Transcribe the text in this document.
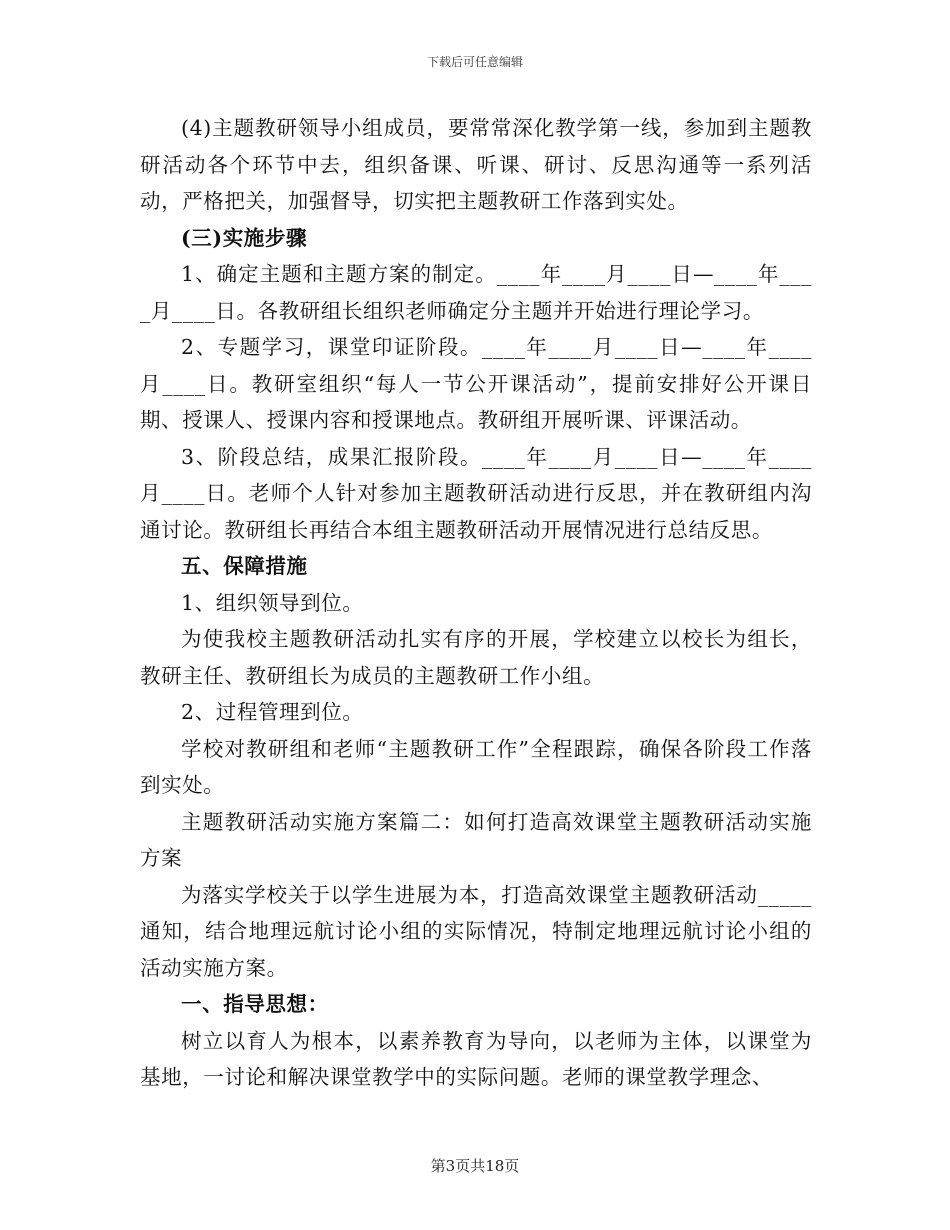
下载后可任意编辑

(4)主题教研领导小组成员，要常常深化教学第一线，参加到主题教研活动各个环节中去，组织备课、听课、研讨、反思沟通等一系列活动，严格把关，加强督导，切实把主题教研工作落到实处。

(三)实施步骤

1、确定主题和主题方案的制定。____年____月____日—____年____月____日。各教研组长组织老师确定分主题并开始进行理论学习。

2、专题学习，课堂印证阶段。____年____月____日—____年____月____日。教研室组织“每人一节公开课活动”，提前安排好公开课日期、授课人、授课内容和授课地点。教研组开展听课、评课活动。

3、阶段总结，成果汇报阶段。____年____月____日—____年____月____日。老师个人针对参加主题教研活动进行反思，并在教研组内沟通讨论。教研组长再结合本组主题教研活动开展情况进行总结反思。

五、保障措施

1、组织领导到位。

为使我校主题教研活动扎实有序的开展，学校建立以校长为组长，教研主任、教研组长为成员的主题教研工作小组。

2、过程管理到位。

学校对教研组和老师“主题教研工作”全程跟踪，确保各阶段工作落到实处。

主题教研活动实施方案篇二：如何打造高效课堂主题教研活动实施方案

为落实学校关于以学生进展为本，打造高效课堂主题教研活动_____通知，结合地理远航讨论小组的实际情况，特制定地理远航讨论小组的活动实施方案。

一、指导思想：

树立以育人为根本，以素养教育为导向，以老师为主体，以课堂为基地，一讨论和解决课堂教学中的实际问题。老师的课堂教学理念、

第3页共18页
